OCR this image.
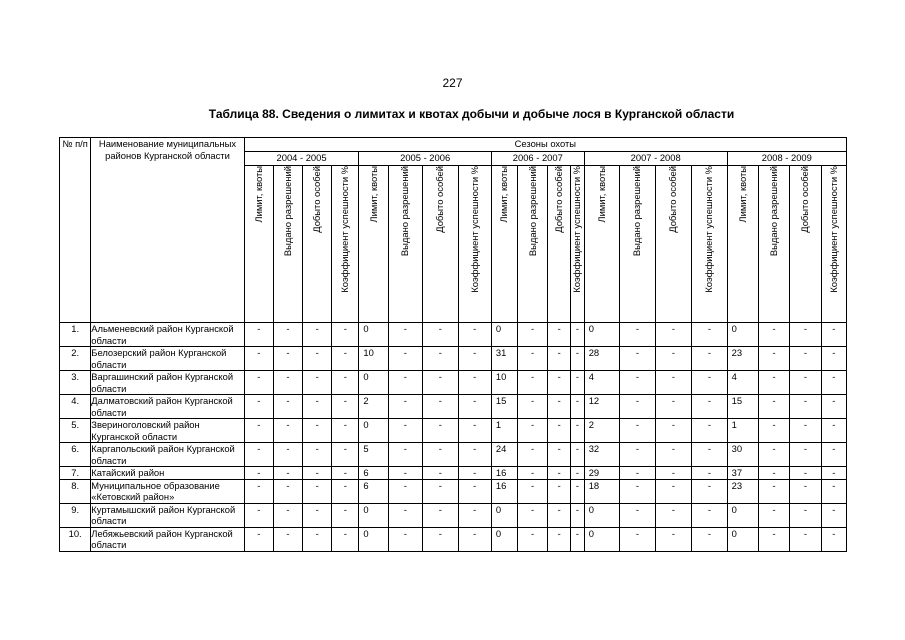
227
Таблица 88. Сведения о лимитах и квотах добычи и добыче лося в Курганской области
№ п/п	Наименование муниципальных районов Курганской области	Сезоны охоты																			
		2004 - 2005				2005 - 2006				2006 - 2007				2007 - 2008				2008 - 2009			

		Лимит, квоты	Выдано разрешений	Добыто особей	Коэффициент успешности %	Лимит, квоты	Выдано разрешений	Добыто особей	Коэффициент успешности %	Лимит, квоты	Выдано разрешений	Добыто особей	Коэффициент успешности %	Лимит, квоты	Выдано разрешений	Добыто особей	Коэффициент успешности %	Лимит, квоты	Выдано разрешений	Добыто особей	Коэффициент успешности %

1.	Альменевский район Курганской области	-	-	-	-	0	-	-	-	0	-	-	-	0	-	-	-	0	-	-	-
2.	Белозерский район Курганской области	-	-	-	-	10	-	-	-	31	-	-	-	28	-	-	-	23	-	-	-
3.	Варгашинский район Курганской области	-	-	-	-	0	-	-	-	10	-	-	-	4	-	-	-	4	-	-	-
4.	Далматовский район Курганской области	-	-	-	-	2	-	-	-	15	-	-	-	12	-	-	-	15	-	-	-
5.	Звериноголовский район Курганской области	-	-	-	-	0	-	-	-	1	-	-	-	2	-	-	-	1	-	-	-
6.	Каргапольский район Курганской области	-	-	-	-	5	-	-	-	24	-	-	-	32	-	-	-	30	-	-	-
7.	Катайский район	-	-	-	-	6	-	-	-	16	-	-	-	29	-	-	-	37	-	-	-
8.	Муниципальное образование «Кетовский район»	-	-	-	-	6	-	-	-	16	-	-	-	18	-	-	-	23	-	-	-
9.	Куртамышский район Курганской области	-	-	-	-	0	-	-	-	0	-	-	-	0	-	-	-	0	-	-	-
10.	Лебяжьевский район Курганской области	-	-	-	-	0	-	-	-	0	-	-	-	0	-	-	-	0	-	-	-
